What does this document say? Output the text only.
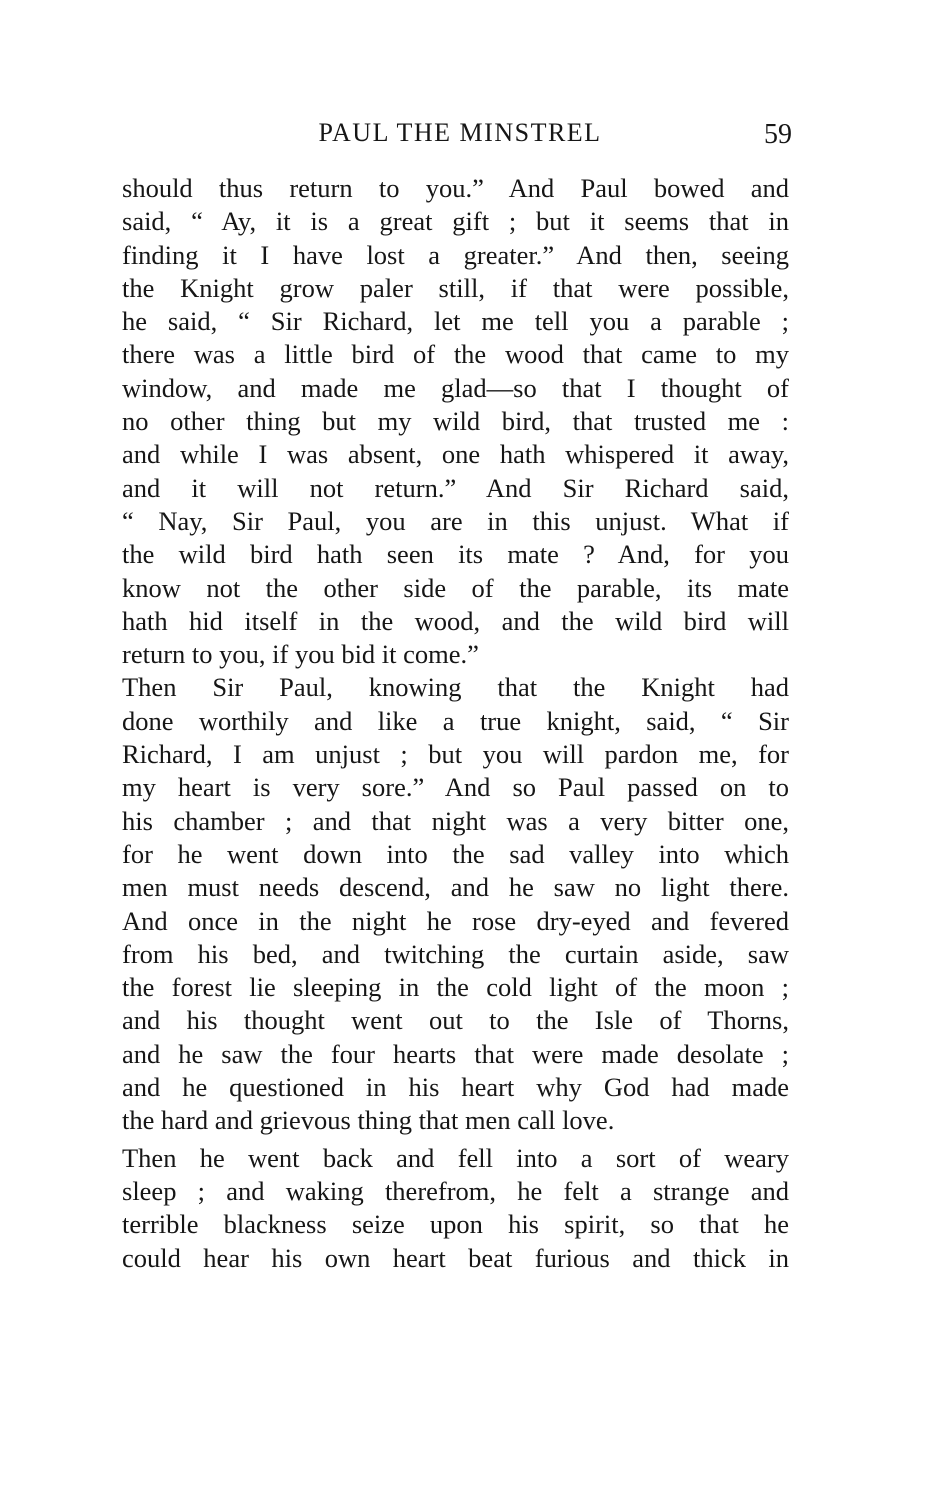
PAUL THE MINSTREL	59

should thus return to you.” And Paul bowed and
said, “ Ay, it is a great gift ; but it seems that in
finding it I have lost a greater.” And then, seeing
the Knight grow paler still, if that were possible,
he said, “ Sir Richard, let me tell you a parable ;
there was a little bird of the wood that came to my
window, and made me glad—so that I thought of
no other thing but my wild bird, that trusted me :
and while I was absent, one hath whispered it away,
and it will not return.” And Sir Richard said,
“ Nay, Sir Paul, you are in this unjust. What if
the wild bird hath seen its mate ? And, for you
know not the other side of the parable, its mate
hath hid itself in the wood, and the wild bird will
return to you, if you bid it come.”

Then Sir Paul, knowing that the Knight had
done worthily and like a true knight, said, “ Sir
Richard, I am unjust ; but you will pardon me, for
my heart is very sore.” And so Paul passed on to
his chamber ; and that night was a very bitter one,
for he went down into the sad valley into which
men must needs descend, and he saw no light there.
And once in the night he rose dry-eyed and fevered
from his bed, and twitching the curtain aside, saw
the forest lie sleeping in the cold light of the moon ;
and his thought went out to the Isle of Thorns,
and he saw the four hearts that were made desolate ;
and he questioned in his heart why God had made
the hard and grievous thing that men call love.

Then he went back and fell into a sort of weary
sleep ; and waking therefrom, he felt a strange and
terrible blackness seize upon his spirit, so that he
could hear his own heart beat furious and thick in
